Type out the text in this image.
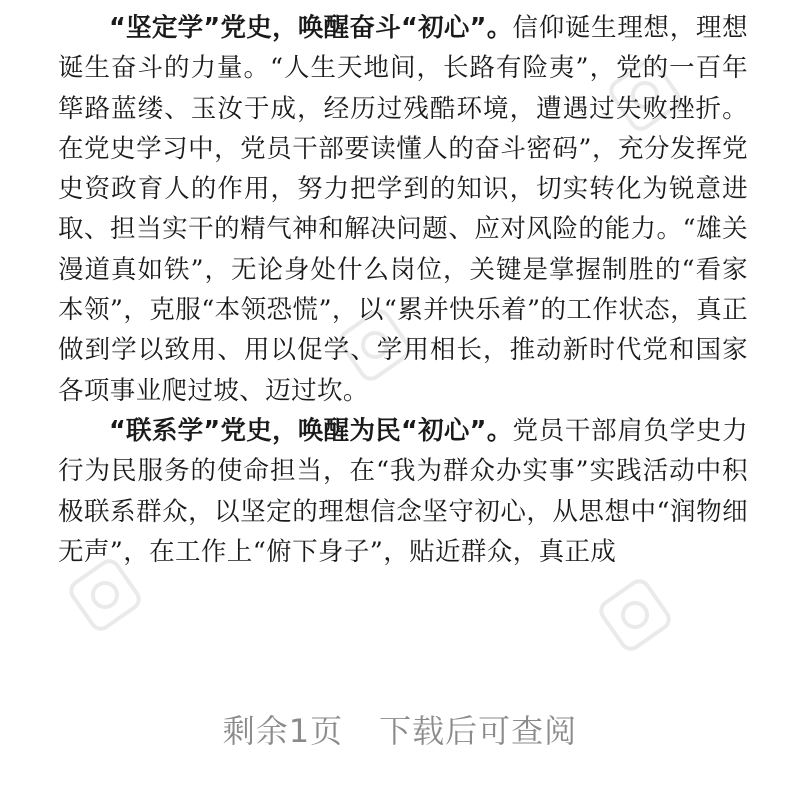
“坚定学”党史，唤醒奋斗“初心”。信仰诞生理想，理想诞生奋斗的力量。“人生天地间，长路有险夷”，党的一百年筚路蓝缕、玉汝于成，经历过残酷环境，遭遇过失败挫折。在党史学习中，党员干部要读懂人的奋斗密码”，充分发挥党史资政育人的作用，努力把学到的知识，切实转化为锐意进取、担当实干的精气神和解决问题、应对风险的能力。“雄关漫道真如铁”，无论身处什么岗位，关键是掌握制胜的“看家本领”，克服“本领恐慌”，以“累并快乐着”的工作状态，真正做到学以致用、用以促学、学用相长，推动新时代党和国家各项事业爬过坡、迈过坎。

“联系学”党史，唤醒为民“初心”。党员干部肩负学史力行为民服务的使命担当，在“我为群众办实事”实践活动中积极联系群众，以坚定的理想信念坚守初心，从思想中“润物细无声”，在工作上“俯下身子”，贴近群众，真正成

剩余1页 下载后可查阅
